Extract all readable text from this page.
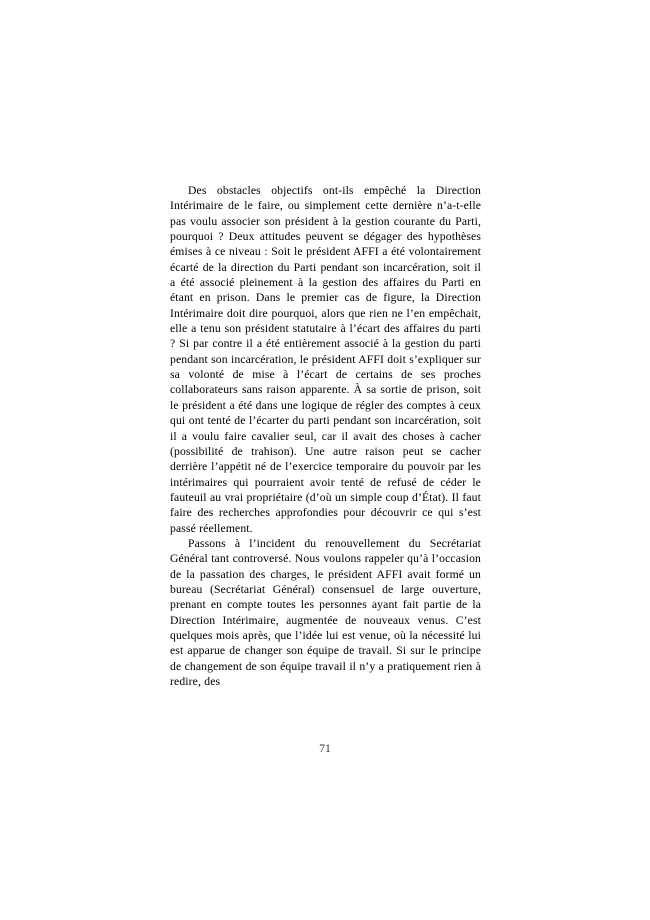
Des obstacles objectifs ont-ils empêché la Direction Intérimaire de le faire, ou simplement cette dernière n’a-t-elle pas voulu associer son président à la gestion courante du Parti, pourquoi ? Deux attitudes peuvent se dégager des hypothèses émises à ce niveau : Soit le président AFFI a été volontairement écarté de la direction du Parti pendant son incarcération, soit il a été associé pleinement à la gestion des affaires du Parti en étant en prison. Dans le premier cas de figure, la Direction Intérimaire doit dire pourquoi, alors que rien ne l’en empêchait, elle a tenu son président statutaire à l’écart des affaires du parti ? Si par contre il a été entièrement associé à la gestion du parti pendant son incarcération, le président AFFI doit s’expliquer sur sa volonté de mise à l’écart de certains de ses proches collaborateurs sans raison apparente. À sa sortie de prison, soit le président a été dans une logique de régler des comptes à ceux qui ont tenté de l’écarter du parti pendant son incarcération, soit il a voulu faire cavalier seul, car il avait des choses à cacher (possibilité de trahison). Une autre raison peut se cacher derrière l’appétit né de l’exercice temporaire du pouvoir par les intérimaires qui pourraient avoir tenté de refusé de céder le fauteuil au vrai propriétaire (d’où un simple coup d’État). Il faut faire des recherches approfondies pour découvrir ce qui s’est passé réellement.

Passons à l’incident du renouvellement du Secrétariat Général tant controversé. Nous voulons rappeler qu’à l’occasion de la passation des charges, le président AFFI avait formé un bureau (Secrétariat Général) consensuel de large ouverture, prenant en compte toutes les personnes ayant fait partie de la Direction Intérimaire, augmentée de nouveaux venus. C’est quelques mois après, que l’idée lui est venue, où la nécessité lui est apparue de changer son équipe de travail. Si sur le principe de changement de son équipe travail il n’y a pratiquement rien à redire, des

71
